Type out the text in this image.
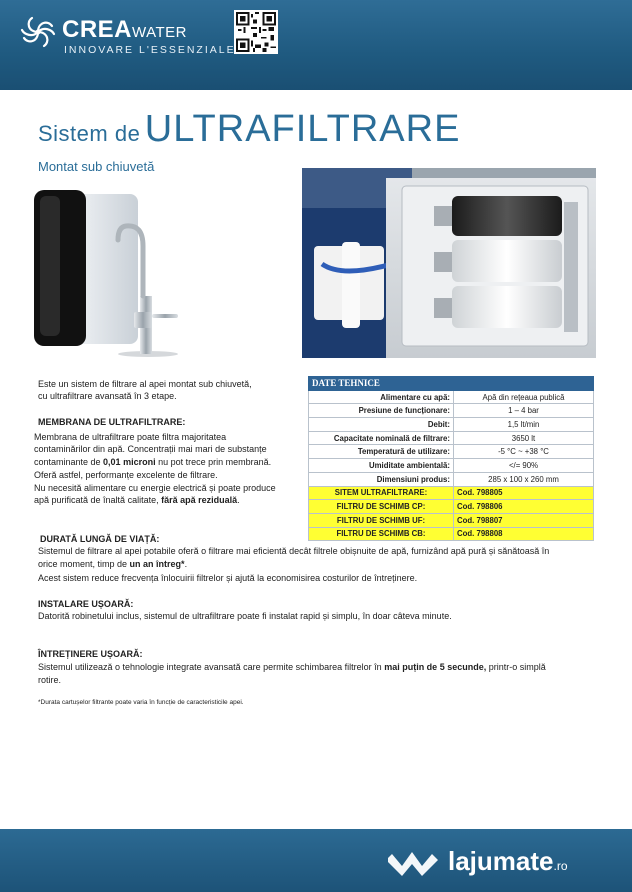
CREAWATER
INNOVARE L'ESSENZIALE
Sistem de ULTRAFILTRARE
Montat sub chiuvetă
Este un sistem de filtrare al apei montat sub chiuvetă,
cu ultrafiltrare avansată în 3 etape.
MEMBRANA DE ULTRAFILTRARE:
Membrana de ultrafiltrare poate filtra majoritatea
contaminărilor din apă. Concentrații mai mari de substanțe
contaminante de 0,01 microni nu pot trece prin membrană.
Oferă astfel, performanțe excelente de filtrare.
Nu necesită alimentare cu energie electrică și poate produce
apă purificată de înaltă calitate, fără apă reziduală.
DATE TEHNICE	
Alimentare cu apă:	Apă din rețeaua publică
Presiune de funcționare:	1 – 4 bar
Debit:	1,5 lt/min
Capacitate nominală de filtrare:	3650 lt
Temperatură de utilizare:	-5 °C ~ +38 °C
Umiditate ambientală:	</= 90%
Dimensiuni produs:	285 x 100 x 260 mm
SITEM ULTRAFILTRARE:	Cod. 798805
FILTRU DE SCHIMB CP:	Cod. 798806
FILTRU DE SCHIMB UF:	Cod. 798807
FILTRU DE SCHIMB CB:	Cod. 798808
DURATĂ LUNGĂ DE VIAȚĂ:
Sistemul de filtrare al apei potabile oferă o filtrare mai eficientă decât filtrele obișnuite de apă, furnizând apă pură și sănătoasă în
orice moment, timp de un an întreg*.
Acest sistem reduce frecvența înlocuirii filtrelor și ajută la economisirea costurilor de întreținere.
INSTALARE UȘOARĂ:
Datorită robinetului inclus, sistemul de ultrafiltrare poate fi instalat rapid și simplu, în doar câteva minute.
ÎNTREȚINERE UȘOARĂ:
Sistemul utilizează o tehnologie integrate avansată care permite schimbarea filtrelor în mai puțin de 5 secunde, printr-o simplă
rotire.
*Durata cartușelor filtrante poate varia în funcție de caracteristicile apei.
lajumate.ro
